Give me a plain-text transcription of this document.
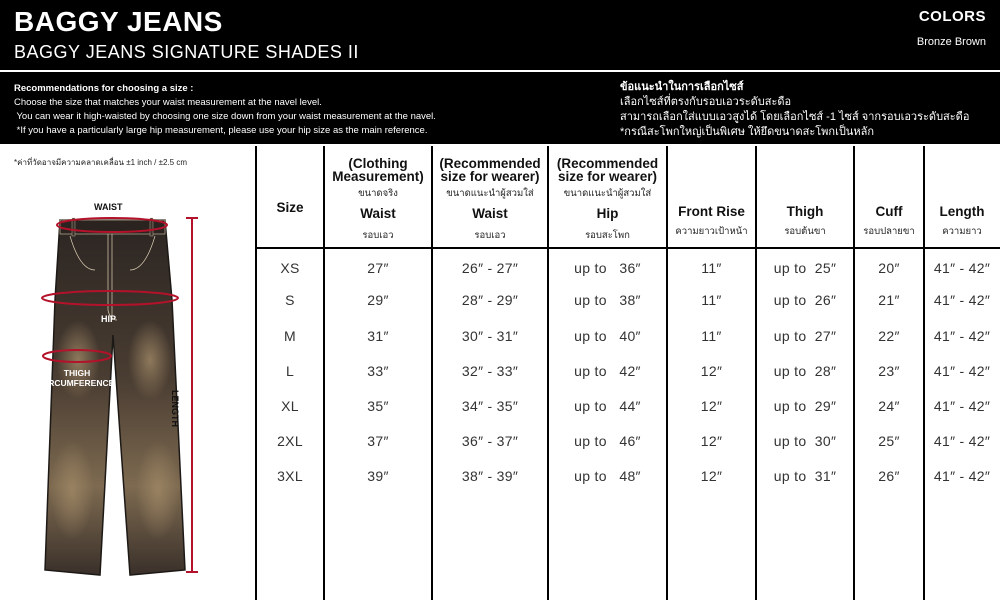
BAGGY JEANS
BAGGY JEANS SIGNATURE SHADES II
COLORS
Bronze Brown
Recommendations for choosing a size :
Choose the size that matches your waist measurement at the navel level.
You can wear it high-waisted by choosing one size down from your waist measurement at the navel.
*If you have a particularly large hip measurement, please use your hip size as the main reference.
ข้อแนะนำในการเลือกไซส์
เลือกไซส์ที่ตรงกับรอบเอวระดับสะดือ
สามารถเลือกใส่แบบเอวสูงได้ โดยเลือกไซส์ -1 ไซส์ จากรอบเอวระดับสะดือ
*กรณีสะโพกใหญ่เป็นพิเศษ ให้ยึดขนาดสะโพกเป็นหลัก
*ค่าที่วัดอาจมีความคลาดเคลื่อน ±1 inch / ±2.5 cm
WAIST
HIP
THIGH
CIRCUMFERENCE
LENGTH
Size
(Clothing
Measurement)
ขนาดจริง
Waist
รอบเอว
(Recommended
size for wearer)
ขนาดแนะนำผู้สวมใส่
Waist
รอบเอว
(Recommended
size for wearer)
ขนาดแนะนำผู้สวมใส่
Hip
รอบสะโพก
Front Rise
ความยาวเป้าหน้า
Thigh
รอบต้นขา
Cuff
รอบปลายขา
Length
ความยาว
XS	27″	26″ - 27″	up to   36″	11″	up to  25″	20″	41″ - 42″
S	29″	28″ - 29″	up to   38″	11″	up to  26″	21″	41″ - 42″
M	31″	30″ - 31″	up to   40″	11″	up to  27″	22″	41″ - 42″
L	33″	32″ - 33″	up to   42″	12″	up to  28″	23″	41″ - 42″
XL	35″	34″ - 35″	up to   44″	12″	up to  29″	24″	41″ - 42″
2XL	37″	36″ - 37″	up to   46″	12″	up to  30″	25″	41″ - 42″
3XL	39″	38″ - 39″	up to   48″	12″	up to  31″	26″	41″ - 42″
